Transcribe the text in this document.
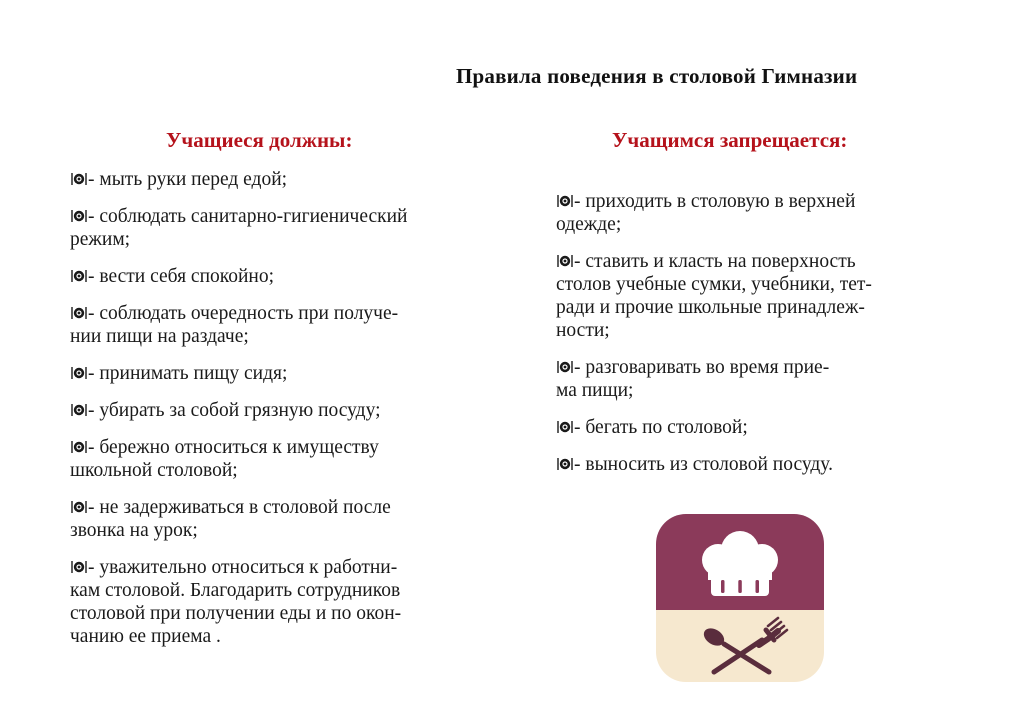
Правила поведения в столовой Гимназии
Учащиеся должны:	Учащимся запрещается:
- мыть руки перед едой;
- соблюдать санитарно-гигиенический
режим;
- вести себя спокойно;
- соблюдать очередность при получе-
нии пищи на раздаче;
- принимать пищу сидя;
- убирать за собой грязную посуду;
- бережно относиться к имуществу
школьной столовой;
- не задерживаться в столовой после
звонка на урок;
- уважительно относиться к работни-
кам столовой. Благодарить сотрудников
столовой при получении еды и по окон-
чанию ее приема .
- приходить в столовую в верхней
одежде;
- ставить и класть на поверхность
столов учебные сумки, учебники, тет-
ради и прочие школьные принадлеж-
ности;
- разговаривать во время прие-
ма пищи;
- бегать по столовой;
- выносить из столовой посуду.
